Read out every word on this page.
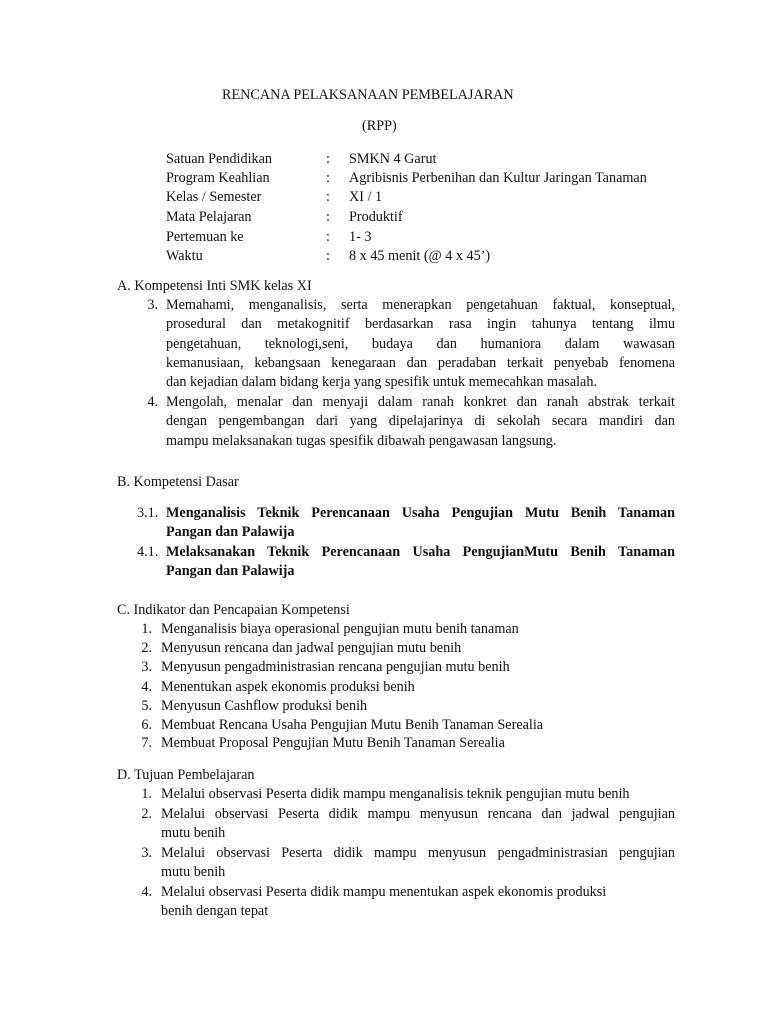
RENCANA PELAKSANAAN PEMBELAJARAN
(RPP)
Satuan Pendidikan	: SMKN 4 Garut
Program Keahlian	: Agribisnis Perbenihan dan Kultur Jaringan Tanaman
Kelas / Semester	: XI / 1
Mata Pelajaran	: Produktif
Pertemuan ke	: 1- 3
Waktu	: 8 x 45 menit (@ 4 x 45’)
A. Kompetensi Inti SMK kelas XI
3. Memahami, menganalisis, serta menerapkan pengetahuan faktual, konseptual,
prosedural dan metakognitif berdasarkan rasa ingin tahunya tentang ilmu
pengetahuan, teknologi,seni, budaya dan humaniora dalam wawasan
kemanusiaan, kebangsaan kenegaraan dan peradaban terkait penyebab fenomena
dan kejadian dalam bidang kerja yang spesifik untuk memecahkan masalah.
4. Mengolah, menalar dan menyaji dalam ranah konkret dan ranah abstrak terkait
dengan pengembangan dari yang dipelajarinya di sekolah secara mandiri dan
mampu melaksanakan tugas spesifik dibawah pengawasan langsung.
B. Kompetensi Dasar
3.1. Menganalisis Teknik Perencanaan Usaha Pengujian Mutu Benih Tanaman
Pangan dan Palawija
4.1. Melaksanakan Teknik Perencanaan Usaha PengujianMutu Benih Tanaman
Pangan dan Palawija
C. Indikator dan Pencapaian Kompetensi
1. Menganalisis biaya operasional pengujian mutu benih tanaman
2. Menyusun rencana dan jadwal pengujian mutu benih
3. Menyusun pengadministrasian rencana pengujian mutu benih
4. Menentukan aspek ekonomis produksi benih
5. Menyusun Cashflow produksi benih
6. Membuat Rencana Usaha Pengujian Mutu Benih Tanaman Serealia
7. Membuat Proposal Pengujian Mutu Benih Tanaman Serealia
D. Tujuan Pembelajaran
1. Melalui observasi Peserta didik mampu menganalisis teknik pengujian mutu benih
2. Melalui observasi Peserta didik mampu menyusun rencana dan jadwal pengujian
mutu benih
3. Melalui observasi Peserta didik mampu menyusun pengadministrasian pengujian
mutu benih
4. Melalui observasi Peserta didik mampu menentukan aspek ekonomis produksi
benih dengan tepat
